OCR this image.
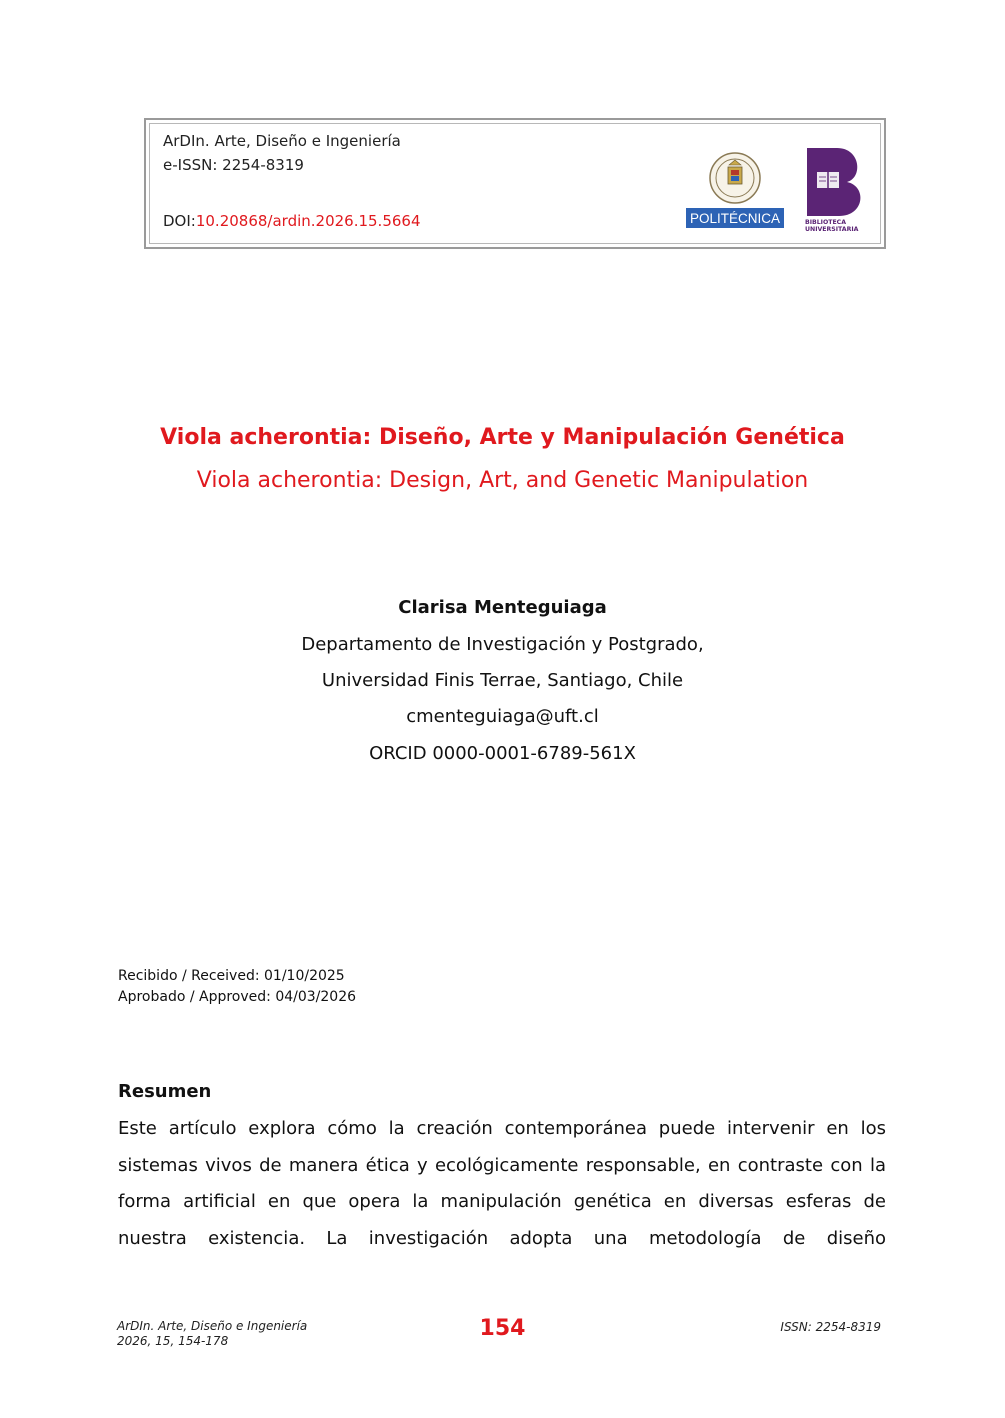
ArDIn. Arte, Diseño e Ingeniería
e-ISSN: 2254-8319
DOI:10.20868/ardin.2026.15.5664	POLITÉCNICA	BIBLIOTECA
UNIVERSITARIA
Viola acherontia: Diseño, Arte y Manipulación Genética
Viola acherontia: Design, Art, and Genetic Manipulation
Clarisa Menteguiaga
Departamento de Investigación y Postgrado,
Universidad Finis Terrae, Santiago, Chile
cmenteguiaga@uft.cl
ORCID 0000-0001-6789-561X
Recibido / Received: 01/10/2025
Aprobado / Approved: 04/03/2026
Resumen

Este artículo explora cómo la creación contemporánea puede intervenir en los sistemas vivos de manera ética y ecológicamente responsable, en contraste con la forma artificial en que opera la manipulación genética en diversas esferas de nuestra existencia. La investigación adopta una metodología de diseño

ArDIn. Arte, Diseño e Ingeniería
2026, 15, 154-178	154	ISSN: 2254-8319
